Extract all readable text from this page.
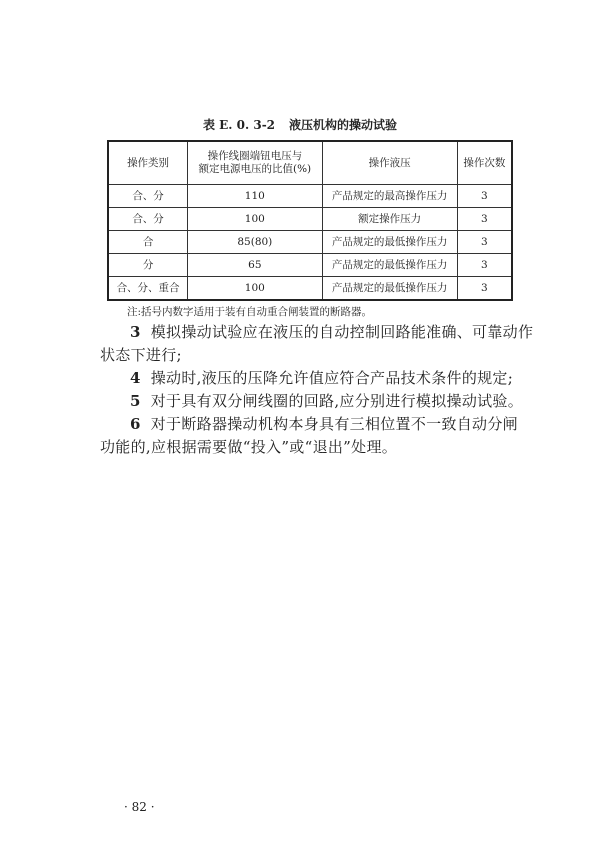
表 E. 0. 3-2 液压机构的操动试验
操作类别	操作线圈端钮电压与
额定电源电压的比值(%)	操作液压	操作次数
合、分	110	产品规定的最高操作压力	3
合、分	100	额定操作压力	3
合	85(80)	产品规定的最低操作压力	3
分	65	产品规定的最低操作压力	3
合、分、重合	100	产品规定的最低操作压力	3
注:括号内数字适用于装有自动重合闸装置的断路器。
3 模拟操动试验应在液压的自动控制回路能准确、可靠动作
状态下进行;
4 操动时,液压的压降允许值应符合产品技术条件的规定;
5 对于具有双分闸线圈的回路,应分别进行模拟操动试验。
6 对于断路器操动机构本身具有三相位置不一致自动分闸
功能的,应根据需要做“投入”或“退出”处理。
· 82 ·
